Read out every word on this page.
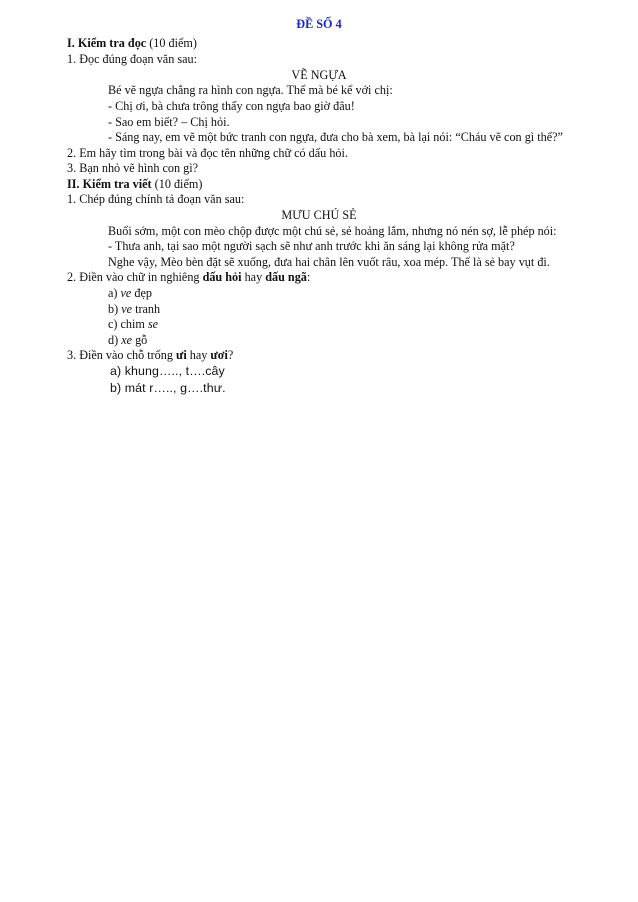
ĐỀ SỐ 4
I. Kiểm tra đọc (10 điểm)
1. Đọc đúng đoạn văn sau:
VẼ NGỰA
Bé vẽ ngựa chẳng ra hình con ngựa. Thế mà bé kể với chị:
- Chị ơi, bà chưa trông thấy con ngựa bao giờ đâu!
- Sao em biết? – Chị hỏi.
- Sáng nay, em vẽ một bức tranh con ngựa, đưa cho bà xem, bà lại nói: “Cháu vẽ con gì thế?”
2. Em hãy tìm trong bài và đọc tên những chữ có dấu hỏi.
3. Bạn nhỏ vẽ hình con gì?
II. Kiểm tra viết (10 điểm)
1. Chép đúng chính tả đoạn văn sau:
MƯU CHÚ SẺ
Buổi sớm, một con mèo chộp được một chú sẻ, sẻ hoảng lắm, nhưng nó nén sợ, lễ phép nói:
- Thưa anh, tại sao một người sạch sẽ như anh trước khi ăn sáng lại không rửa mặt?
Nghe vậy, Mèo bèn đặt sẽ xuống, đưa hai chân lên vuốt râu, xoa mép. Thế là sẻ bay vụt đi.
2. Điền vào chữ in nghiêng dấu hỏi hay dấu ngã:
a) ve đẹp
b) ve tranh
c) chim se
d) xe gỗ
3. Điền vào chỗ trống ưi hay ươi?
a) khung….., t….cây
b) mát r….., g….thư.
